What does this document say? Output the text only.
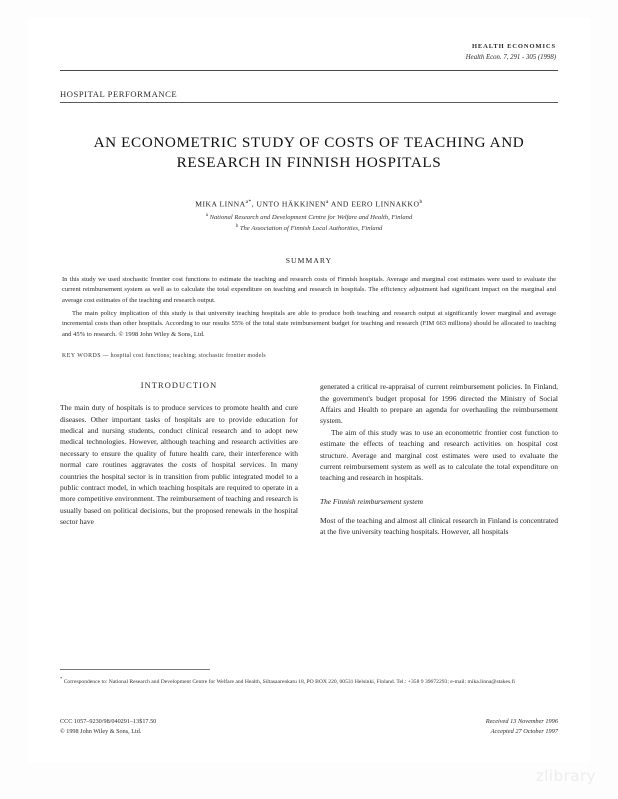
HEALTH ECONOMICS
Health Econ. 7, 291 - 305 (1998)
HOSPITAL PERFORMANCE
AN ECONOMETRIC STUDY OF COSTS OF TEACHING AND RESEARCH IN FINNISH HOSPITALS
MIKA $LINNA^{a*}$, UNTO HÄKKINEN$^a$ AND EERO LINNAKKO$^b$
$^a$ National Research and Development Centre for Welfare and Health, Finland
$^b$ The Association of Finnish Local Authorities, Finland
SUMMARY

In this study we used stochastic frontier cost functions to estimate the teaching and research costs of Finnish hospitals. Average and marginal cost estimates were used to evaluate the current reimbursement system as well as to calculate the total expenditure on teaching and research in hospitals. The efficiency adjustment had significant impact on the marginal and average cost estimates of the teaching and research output.

The main policy implication of this study is that university teaching hospitals are able to produce both teaching and research output at significantly lower marginal and average incremental costs than other hospitals. According to our results 55% of the total state reimbursement budget for teaching and research (FIM 663 millions) should be allocated to teaching and 45% to research. © 1998 John Wiley & Sons, Ltd.

KEY WORDS — hospital cost functions; teaching; stochastic frontier models
INTRODUCTION

The main duty of hospitals is to produce services to promote health and cure diseases. Other important tasks of hospitals are to provide education for medical and nursing students, conduct clinical research and to adopt new medical technologies. However, although teaching and research activities are necessary to ensure the quality of future health care, their interference with normal care routines aggravates the costs of hospital services. In many countries the hospital sector is in transition from public integrated model to a public contract model, in which teaching hospitals are required to operate in a more competitive environment. The reimbursement of teaching and research is usually based on political decisions, but the proposed renewals in the hospital sector have

generated a critical re-appraisal of current reimbursement policies. In Finland, the government's budget proposal for 1996 directed the Ministry of Social Affairs and Health to prepare an agenda for overhauling the reimbursement system.

The aim of this study was to use an econometric frontier cost function to estimate the effects of teaching and research activities on hospital cost structure. Average and marginal cost estimates were used to evaluate the current reimbursement system as well as to calculate the total expenditure on teaching and research in hospitals.

The Finnish reimbursement system

Most of the teaching and almost all clinical research in Finland is concentrated at the five university teaching hospitals. However, all hospitals

* Correspondence to: National Research and Development Centre for Welfare and Health, Siltasaarenkatu 18, PO BOX 220, 00531 Helsinki, Finland. Tel.: +358 9 39672293; e-mail: mika.linna@stakes.fi
CCC 1057–9230/98/040291–13$17.50
© 1998 John Wiley & Sons, Ltd.
Received 13 November 1996
Accepted 27 October 1997
zlibrary
